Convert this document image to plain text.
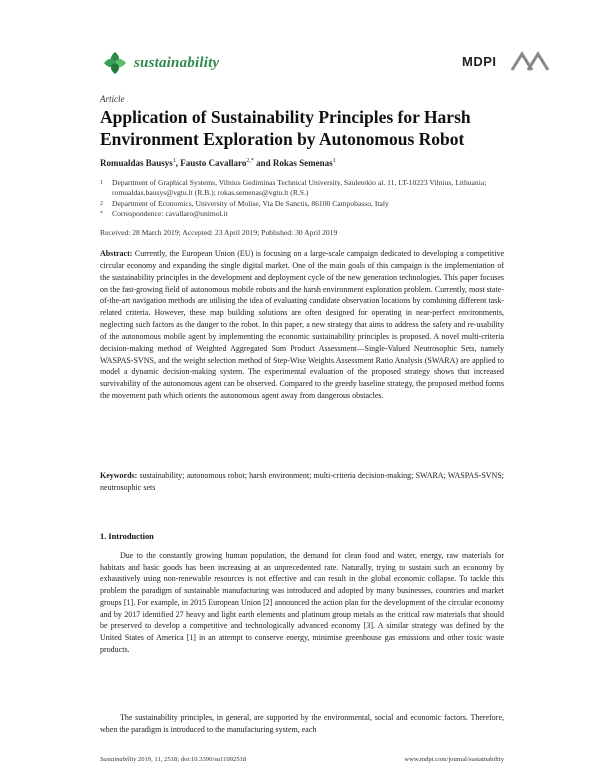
sustainability	MDPI
Article
Application of Sustainability Principles for Harsh Environment Exploration by Autonomous Robot
Romualdas Bausys$^1$, Fausto Cavallaro$^{2,*}$ and Rokas Semenas$^1$
1	Department of Graphical Systems, Vilnius Gediminas Technical University, Sauletekio al. 11, LT-10223 Vilnius, Lithuania; romualdas.bausys@vgtu.lt (R.B.); rokas.semenas@vgtu.lt (R.S.)
2	Department of Economics, University of Molise, Via De Sanctis, 86100 Campobasso, Italy
*	Correspondence: cavallaro@unimol.it
Received: 28 March 2019; Accepted: 23 April 2019; Published: 30 April 2019
Abstract: Currently, the European Union (EU) is focusing on a large-scale campaign dedicated to developing a competitive circular economy and expanding the single digital market. One of the main goals of this campaign is the implementation of the sustainability principles in the development and deployment cycle of the new generation technologies. This paper focuses on the fast-growing field of autonomous mobile robots and the harsh environment exploration problem. Currently, most state-of-the-art navigation methods are utilising the idea of evaluating candidate observation locations by combining different task-related criteria. However, these map building solutions are often designed for operating in near-perfect environments, neglecting such factors as the danger to the robot. In this paper, a new strategy that aims to address the safety and re-usability of the autonomous mobile agent by implementing the economic sustainability principles is proposed. A novel multi-criteria decision-making method of Weighted Aggregated Sum Product Assessment—Single-Valued Neutrosophic Sets, namely WASPAS-SVNS, and the weight selection method of Step-Wise Weights Assessment Ratio Analysis (SWARA) are applied to model a dynamic decision-making system. The experimental evaluation of the proposed strategy shows that increased survivability of the autonomous agent can be observed. Compared to the greedy baseline strategy, the proposed method forms the movement path which orients the autonomous agent away from dangerous obstacles.
Keywords: sustainability; autonomous robot; harsh environment; multi-criteria decision-making; SWARA; WASPAS-SVNS; neutrosophic sets
1. Introduction
Due to the constantly growing human population, the demand for clean food and water, energy, raw materials for habitats and basic goods has been increasing at an unprecedented rate. Naturally, trying to sustain such an economy by exhaustively using non-renewable resources is not effective and can result in the global economic collapse. To tackle this problem the paradigm of sustainable manufacturing was introduced and adopted by many businesses, countries and market groups [1]. For example, in 2015 European Union [2] announced the action plan for the development of the circular economy and by 2017 identified 27 heavy and light earth elements and platinum group metals as the critical raw materials that should be preserved to develop a competitive and technologically advanced economy [3]. A similar strategy was defined by the United States of America [1] in an attempt to conserve energy, minimise greenhouse gas emissions and other toxic waste products.
The sustainability principles, in general, are supported by the environmental, social and economic factors. Therefore, when the paradigm is introduced to the manufacturing system, each
Sustainability 2019, 11, 2518; doi:10.3390/su11092518	www.mdpi.com/journal/sustainability
